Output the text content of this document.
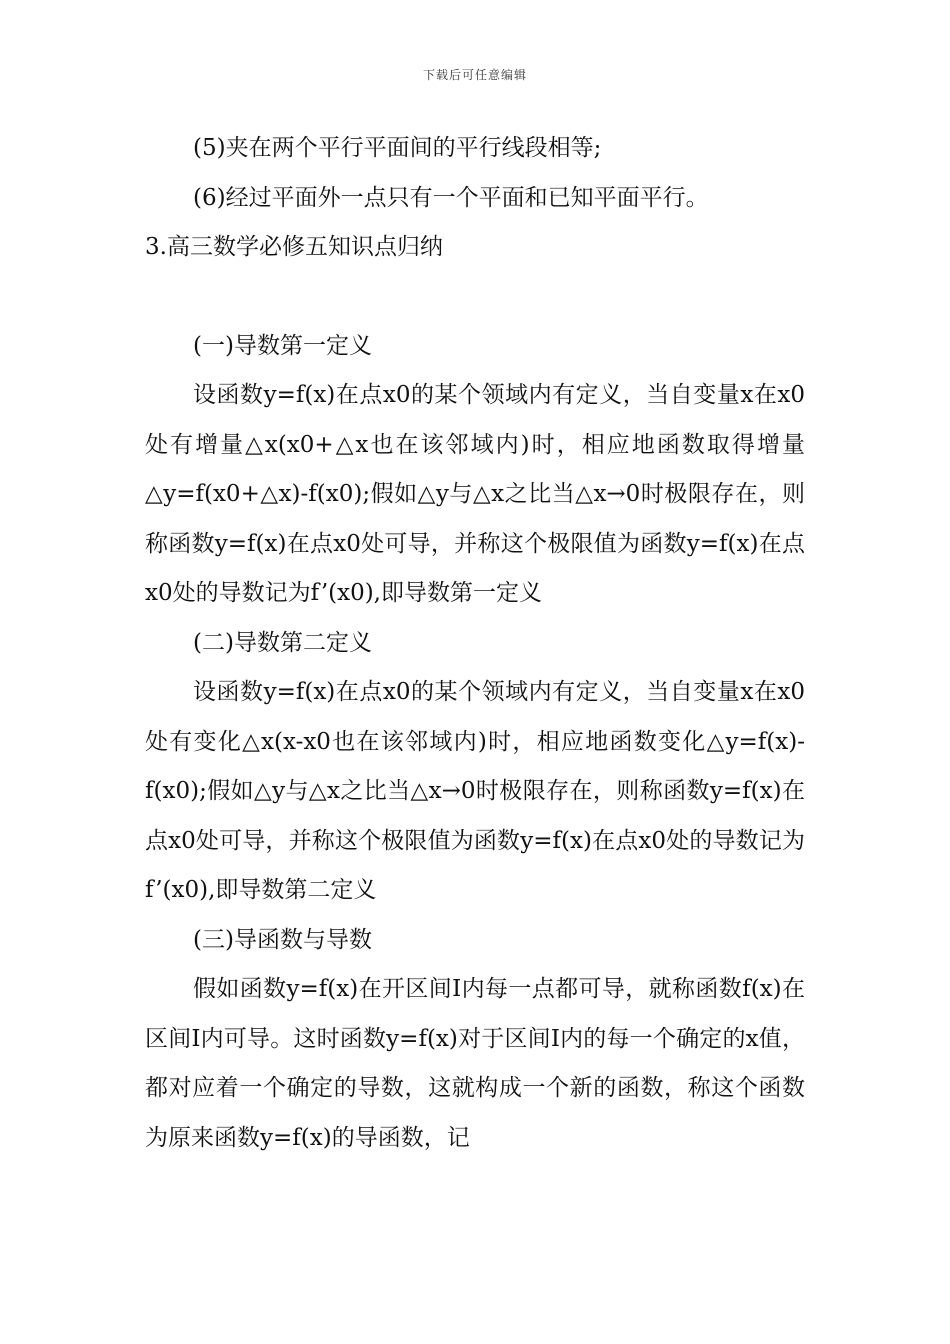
下载后可任意编辑

(5)夹在两个平行平面间的平行线段相等;

(6)经过平面外一点只有一个平面和已知平面平行。

3.高三数学必修五知识点归纳

(一)导数第一定义

设函数y=f(x)在点x0的某个领域内有定义，当自变量x在x0处有增量△x(x0+△x也在该邻域内)时，相应地函数取得增量△y=f(x0+△x)-f(x0);假如△y与△x之比当△x→0时极限存在，则称函数y=f(x)在点x0处可导，并称这个极限值为函数y=f(x)在点x0处的导数记为f’(x0),即导数第一定义

(二)导数第二定义

设函数y=f(x)在点x0的某个领域内有定义，当自变量x在x0处有变化△x(x-x0也在该邻域内)时，相应地函数变化△y=f(x)-f(x0);假如△y与△x之比当△x→0时极限存在，则称函数y=f(x)在点x0处可导，并称这个极限值为函数y=f(x)在点x0处的导数记为f’(x0),即导数第二定义

(三)导函数与导数

假如函数y=f(x)在开区间I内每一点都可导，就称函数f(x)在区间I内可导。这时函数y=f(x)对于区间I内的每一个确定的x值，都对应着一个确定的导数，这就构成一个新的函数，称这个函数为原来函数y=f(x)的导函数，记
